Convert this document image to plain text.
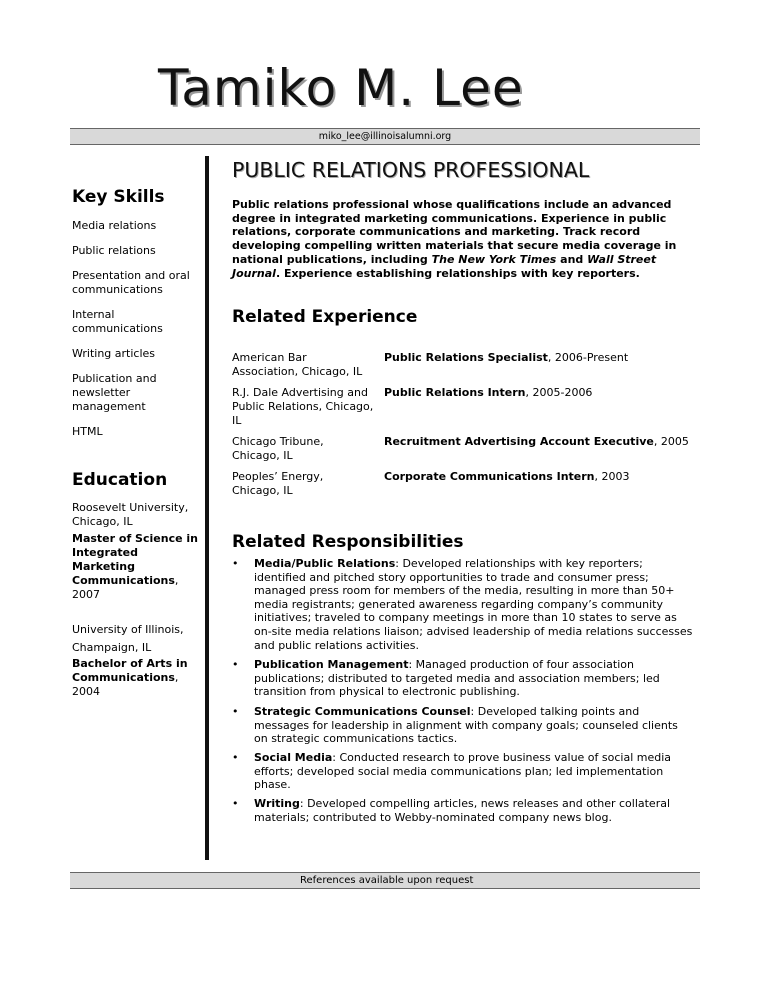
Tamiko M. Lee
miko_lee@illinoisalumni.org
Key Skills
Media relations
Public relations
Presentation and oral communications
Internal communications
Writing articles
Publication and newsletter management
HTML
Education
Roosevelt University, Chicago, IL
Master of Science in Integrated Marketing Communications, 2007
University of Illinois,
Champaign, IL
Bachelor of Arts in Communications, 2004
PUBLIC RELATIONS PROFESSIONAL
Public relations professional whose qualifications include an advanced degree in integrated marketing communications. Experience in public relations, corporate communications and marketing. Track record developing compelling written materials that secure media coverage in national publications, including The New York Times and Wall Street Journal. Experience establishing relationships with key reporters.
Related Experience
American Bar Association, Chicago, IL
Public Relations Specialist, 2006-Present
R.J. Dale Advertising and Public Relations, Chicago, IL
Public Relations Intern, 2005-2006
Chicago Tribune, Chicago, IL
Recruitment Advertising Account Executive, 2005
Peoples’ Energy, Chicago, IL
Corporate Communications Intern, 2003
Related Responsibilities
• Media/Public Relations: Developed relationships with key reporters; identified and pitched story opportunities to trade and consumer press; managed press room for members of the media, resulting in more than 50+ media registrants; generated awareness regarding company’s community initiatives; traveled to company meetings in more than 10 states to serve as on-site media relations liaison; advised leadership of media relations successes and public relations activities.
• Publication Management: Managed production of four association publications; distributed to targeted media and association members; led transition from physical to electronic publishing.
• Strategic Communications Counsel: Developed talking points and messages for leadership in alignment with company goals; counseled clients on strategic communications tactics.
• Social Media: Conducted research to prove business value of social media efforts; developed social media communications plan; led implementation phase.
• Writing: Developed compelling articles, news releases and other collateral materials; contributed to Webby-nominated company news blog.
References available upon request
